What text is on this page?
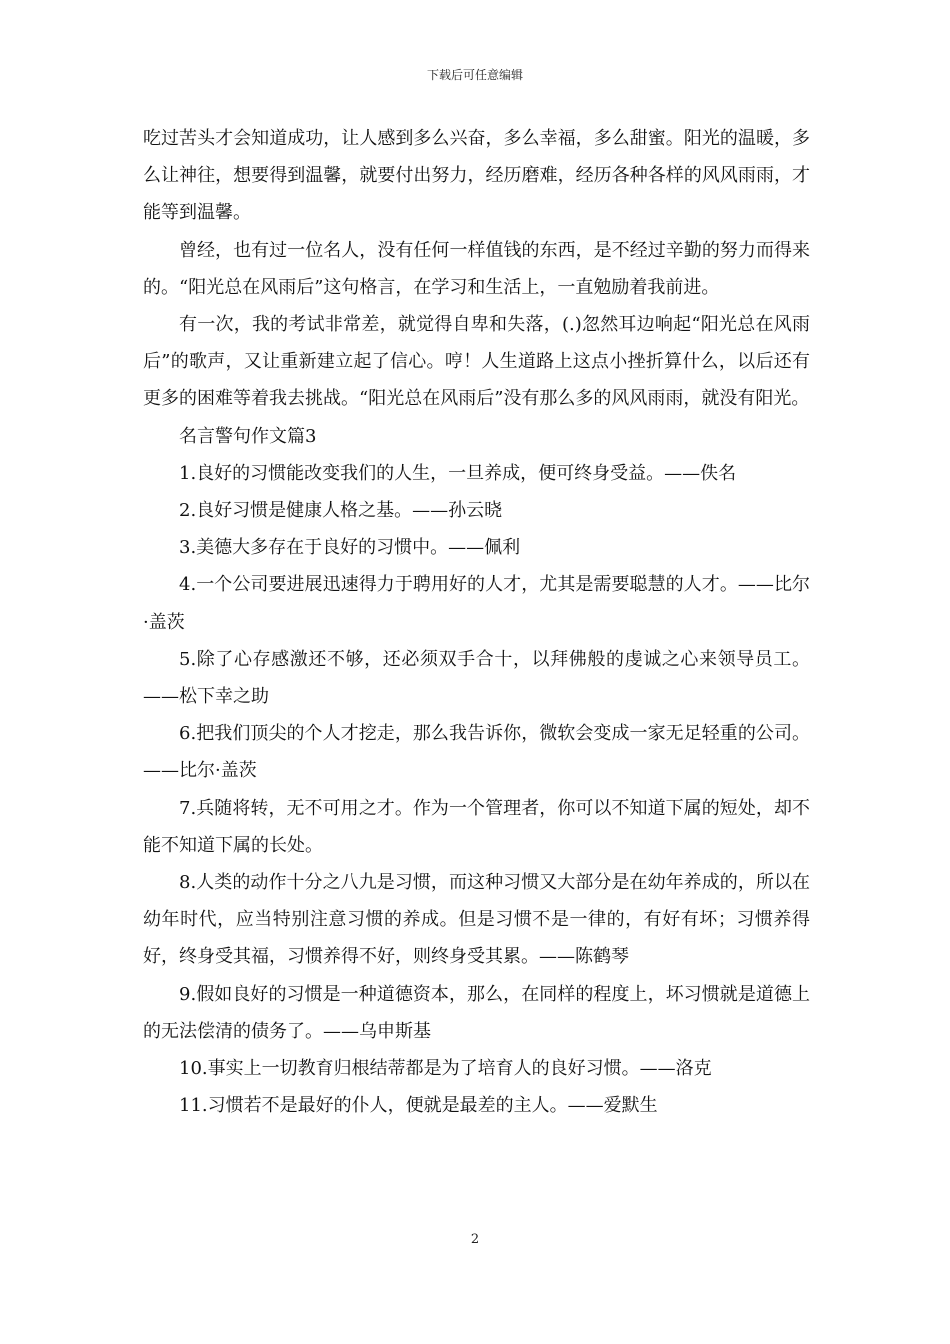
下载后可任意编辑

吃过苦头才会知道成功，让人感到多么兴奋，多么幸福，多么甜蜜。阳光的温暖，多么让神往，想要得到温馨，就要付出努力，经历磨难，经历各种各样的风风雨雨，才能等到温馨。

曾经，也有过一位名人，没有任何一样值钱的东西，是不经过辛勤的努力而得来的。“阳光总在风雨后”这句格言，在学习和生活上，一直勉励着我前进。

有一次，我的考试非常差，就觉得自卑和失落，(.)忽然耳边响起“阳光总在风雨后”的歌声，又让重新建立起了信心。哼！人生道路上这点小挫折算什么，以后还有更多的困难等着我去挑战。“阳光总在风雨后”没有那么多的风风雨雨，就没有阳光。

名言警句作文篇3

1.良好的习惯能改变我们的人生，一旦养成，便可终身受益。——佚名

2.良好习惯是健康人格之基。——孙云晓

3.美德大多存在于良好的习惯中。——佩利

4.一个公司要进展迅速得力于聘用好的人才，尤其是需要聪慧的人才。——比尔·盖茨

5.除了心存感激还不够，还必须双手合十，以拜佛般的虔诚之心来领导员工。——松下幸之助

6.把我们顶尖的个人才挖走，那么我告诉你，微软会变成一家无足轻重的公司。——比尔·盖茨

7.兵随将转，无不可用之才。作为一个管理者，你可以不知道下属的短处，却不能不知道下属的长处。

8.人类的动作十分之八九是习惯，而这种习惯又大部分是在幼年养成的，所以在幼年时代，应当特别注意习惯的养成。但是习惯不是一律的，有好有坏；习惯养得好，终身受其福，习惯养得不好，则终身受其累。——陈鹤琴

9.假如良好的习惯是一种道德资本，那么，在同样的程度上，坏习惯就是道德上的无法偿清的债务了。——乌申斯基

10.事实上一切教育归根结蒂都是为了培育人的良好习惯。——洛克

11.习惯若不是最好的仆人，便就是最差的主人。——爱默生

2
